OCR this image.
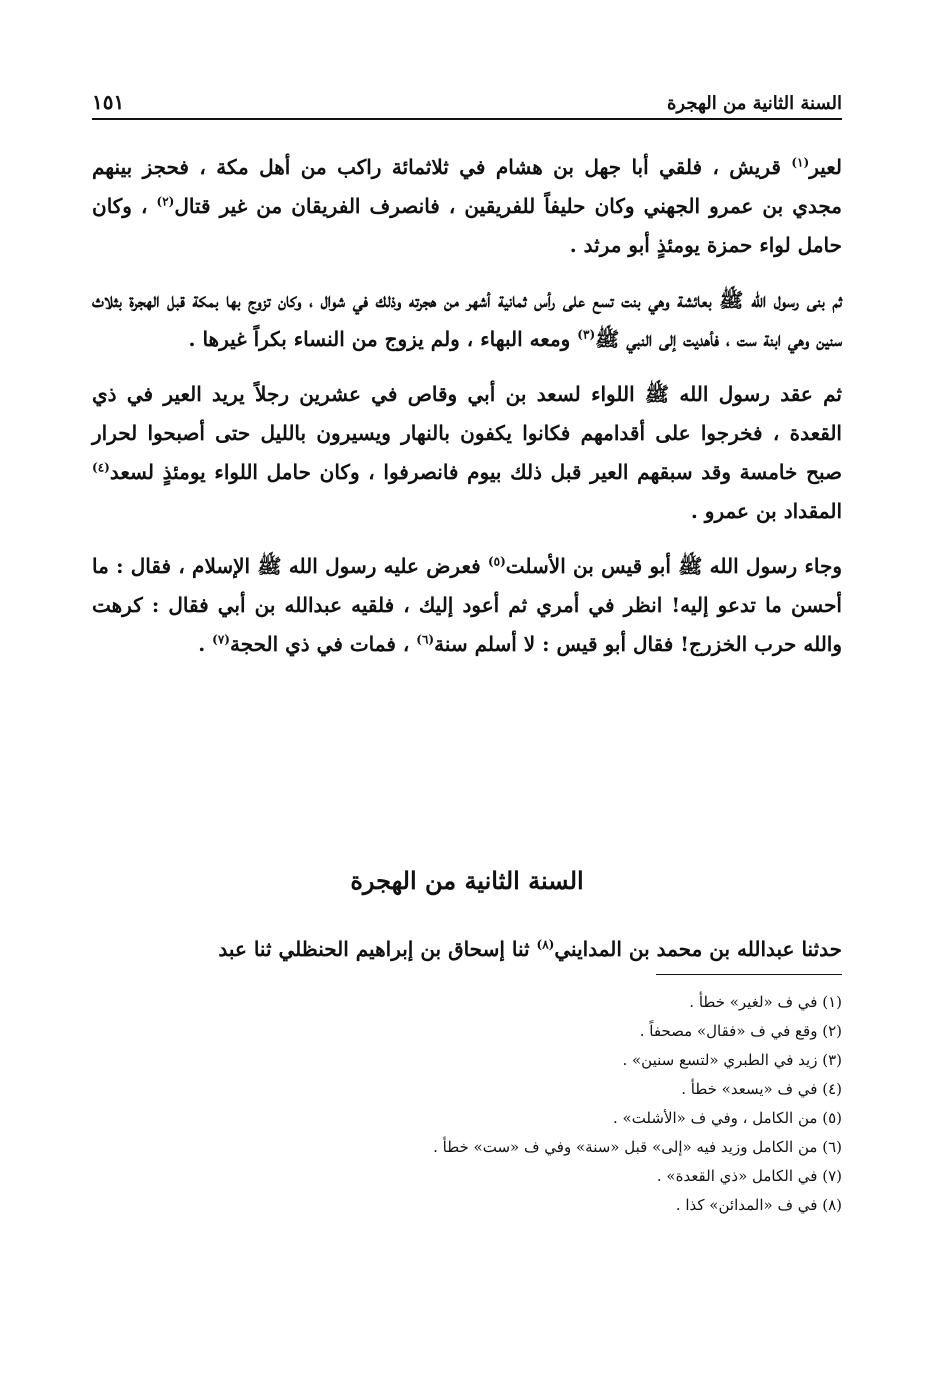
السنة الثانية من الهجرة
١٥١

لعير$^{(١)}$ قريش ، فلقي أبا جهل بن هشام في ثلاثمائة راكب من أهل مكة ، فحجز بينهم مجدي بن عمرو الجهني وكان حليفاً للفريقين ، فانصرف الفريقان من غير قتال$^{(٢)}$ ، وكان حامل لواء حمزة يومئذٍ أبو مرثد .

ثم بنى رسول الله ﷺ بعائشة وهي بنت تسع على رأس ثمانية أشهر من هجرته وذلك في شوال ، وكان تزوج بها بمكة قبل الهجرة بثلاث سنين وهي ابنة ست ، فأهديت إلى النبي ﷺ$^{(٣)}$ ومعه البهاء ، ولم يزوج من النساء بكراً غيرها .

ثم عقد رسول الله ﷺ اللواء لسعد بن أبي وقاص في عشرين رجلاً يريد العير في ذي القعدة ، فخرجوا على أقدامهم فكانوا يكفون بالنهار ويسيرون بالليل حتى أصبحوا لحرار صبح خامسة وقد سبقهم العير قبل ذلك بيوم فانصرفوا ، وكان حامل اللواء يومئذٍ لسعد$^{(٤)}$ المقداد بن عمرو .

وجاء رسول الله ﷺ أبو قيس بن الأسلت$^{(٥)}$ فعرض عليه رسول الله ﷺ الإسلام ، فقال : ما أحسن ما تدعو إليه! انظر في أمري ثم أعود إليك ، فلقيه عبدالله بن أبي فقال : كرهت والله حرب الخزرج! فقال أبو قيس : لا أسلم سنة$^{(٦)}$ ، فمات في ذي الحجة$^{(٧)}$ .

السنة الثانية من الهجرة
حدثنا عبدالله بن محمد بن المدايني$^{(٨)}$ ثنا إسحاق بن إبراهيم الحنظلي ثنا عبد
(١) في ف «لغير» خطأ .
(٢) وقع في ف «فقال» مصحفاً .
(٣) زيد في الطبري «لتسع سنين» .
(٤) في ف «يسعد» خطأ .
(٥) من الكامل ، وفي ف «الأشلت» .
(٦) من الكامل وزيد فيه «إلى» قبل «سنة» وفي ف «ست» خطأ .
(٧) في الكامل «ذي القعدة» .
(٨) في ف «المدائن» كذا .
